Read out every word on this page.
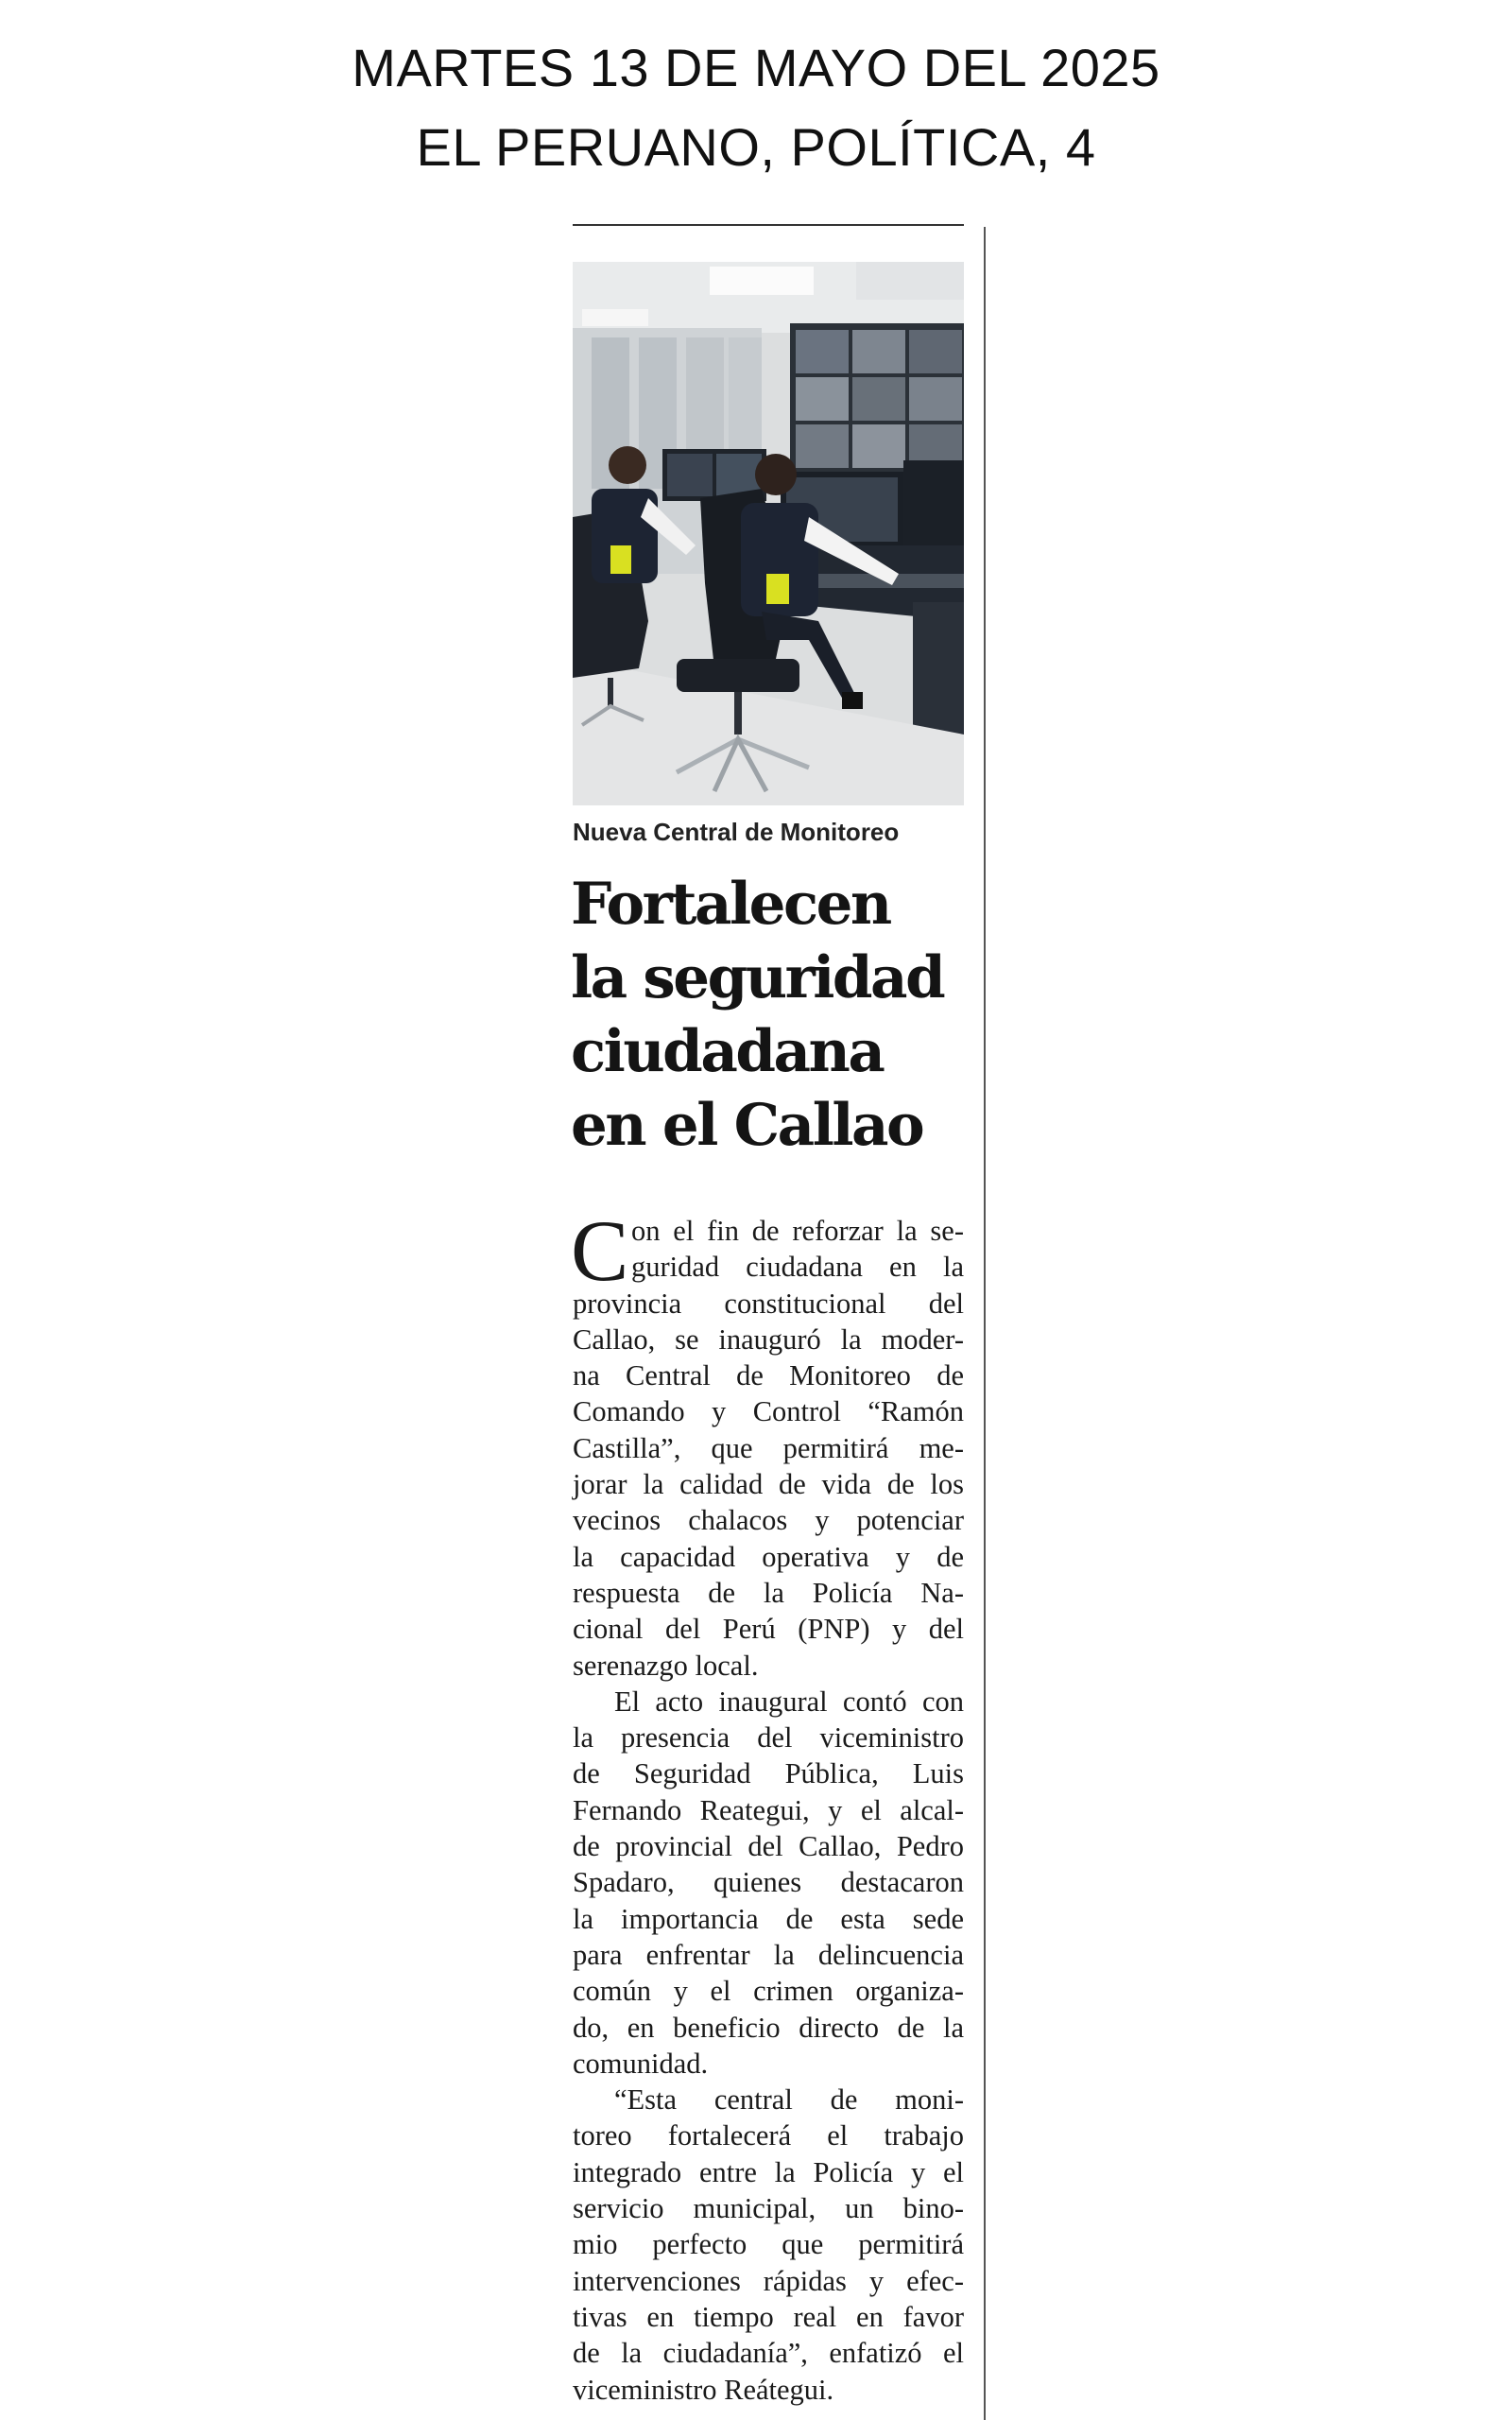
MARTES 13 DE MAYO DEL 2025
EL PERUANO, POLÍTICA, 4
Nueva Central de Monitoreo
Fortalecen
la seguridad
ciudadana
en el Callao
C on el fin de reforzar la se-
guridad ciudadana en la
provincia constitucional del
Callao, se inauguró la moder-
na Central de Monitoreo de
Comando y Control “Ramón
Castilla”, que permitirá me-
jorar la calidad de vida de los
vecinos chalacos y potenciar
la capacidad operativa y de
respuesta de la Policía Na-
cional del Perú (PNP) y del
serenazgo local.
El acto inaugural contó con
la presencia del viceministro
de Seguridad Pública, Luis
Fernando Reategui, y el alcal-
de provincial del Callao, Pedro
Spadaro, quienes destacaron
la importancia de esta sede
para enfrentar la delincuencia
común y el crimen organiza-
do, en beneficio directo de la
comunidad.
“Esta central de moni-
toreo fortalecerá el trabajo
integrado entre la Policía y el
servicio municipal, un bino-
mio perfecto que permitirá
intervenciones rápidas y efec-
tivas en tiempo real en favor
de la ciudadanía”, enfatizó el
viceministro Reátegui.
